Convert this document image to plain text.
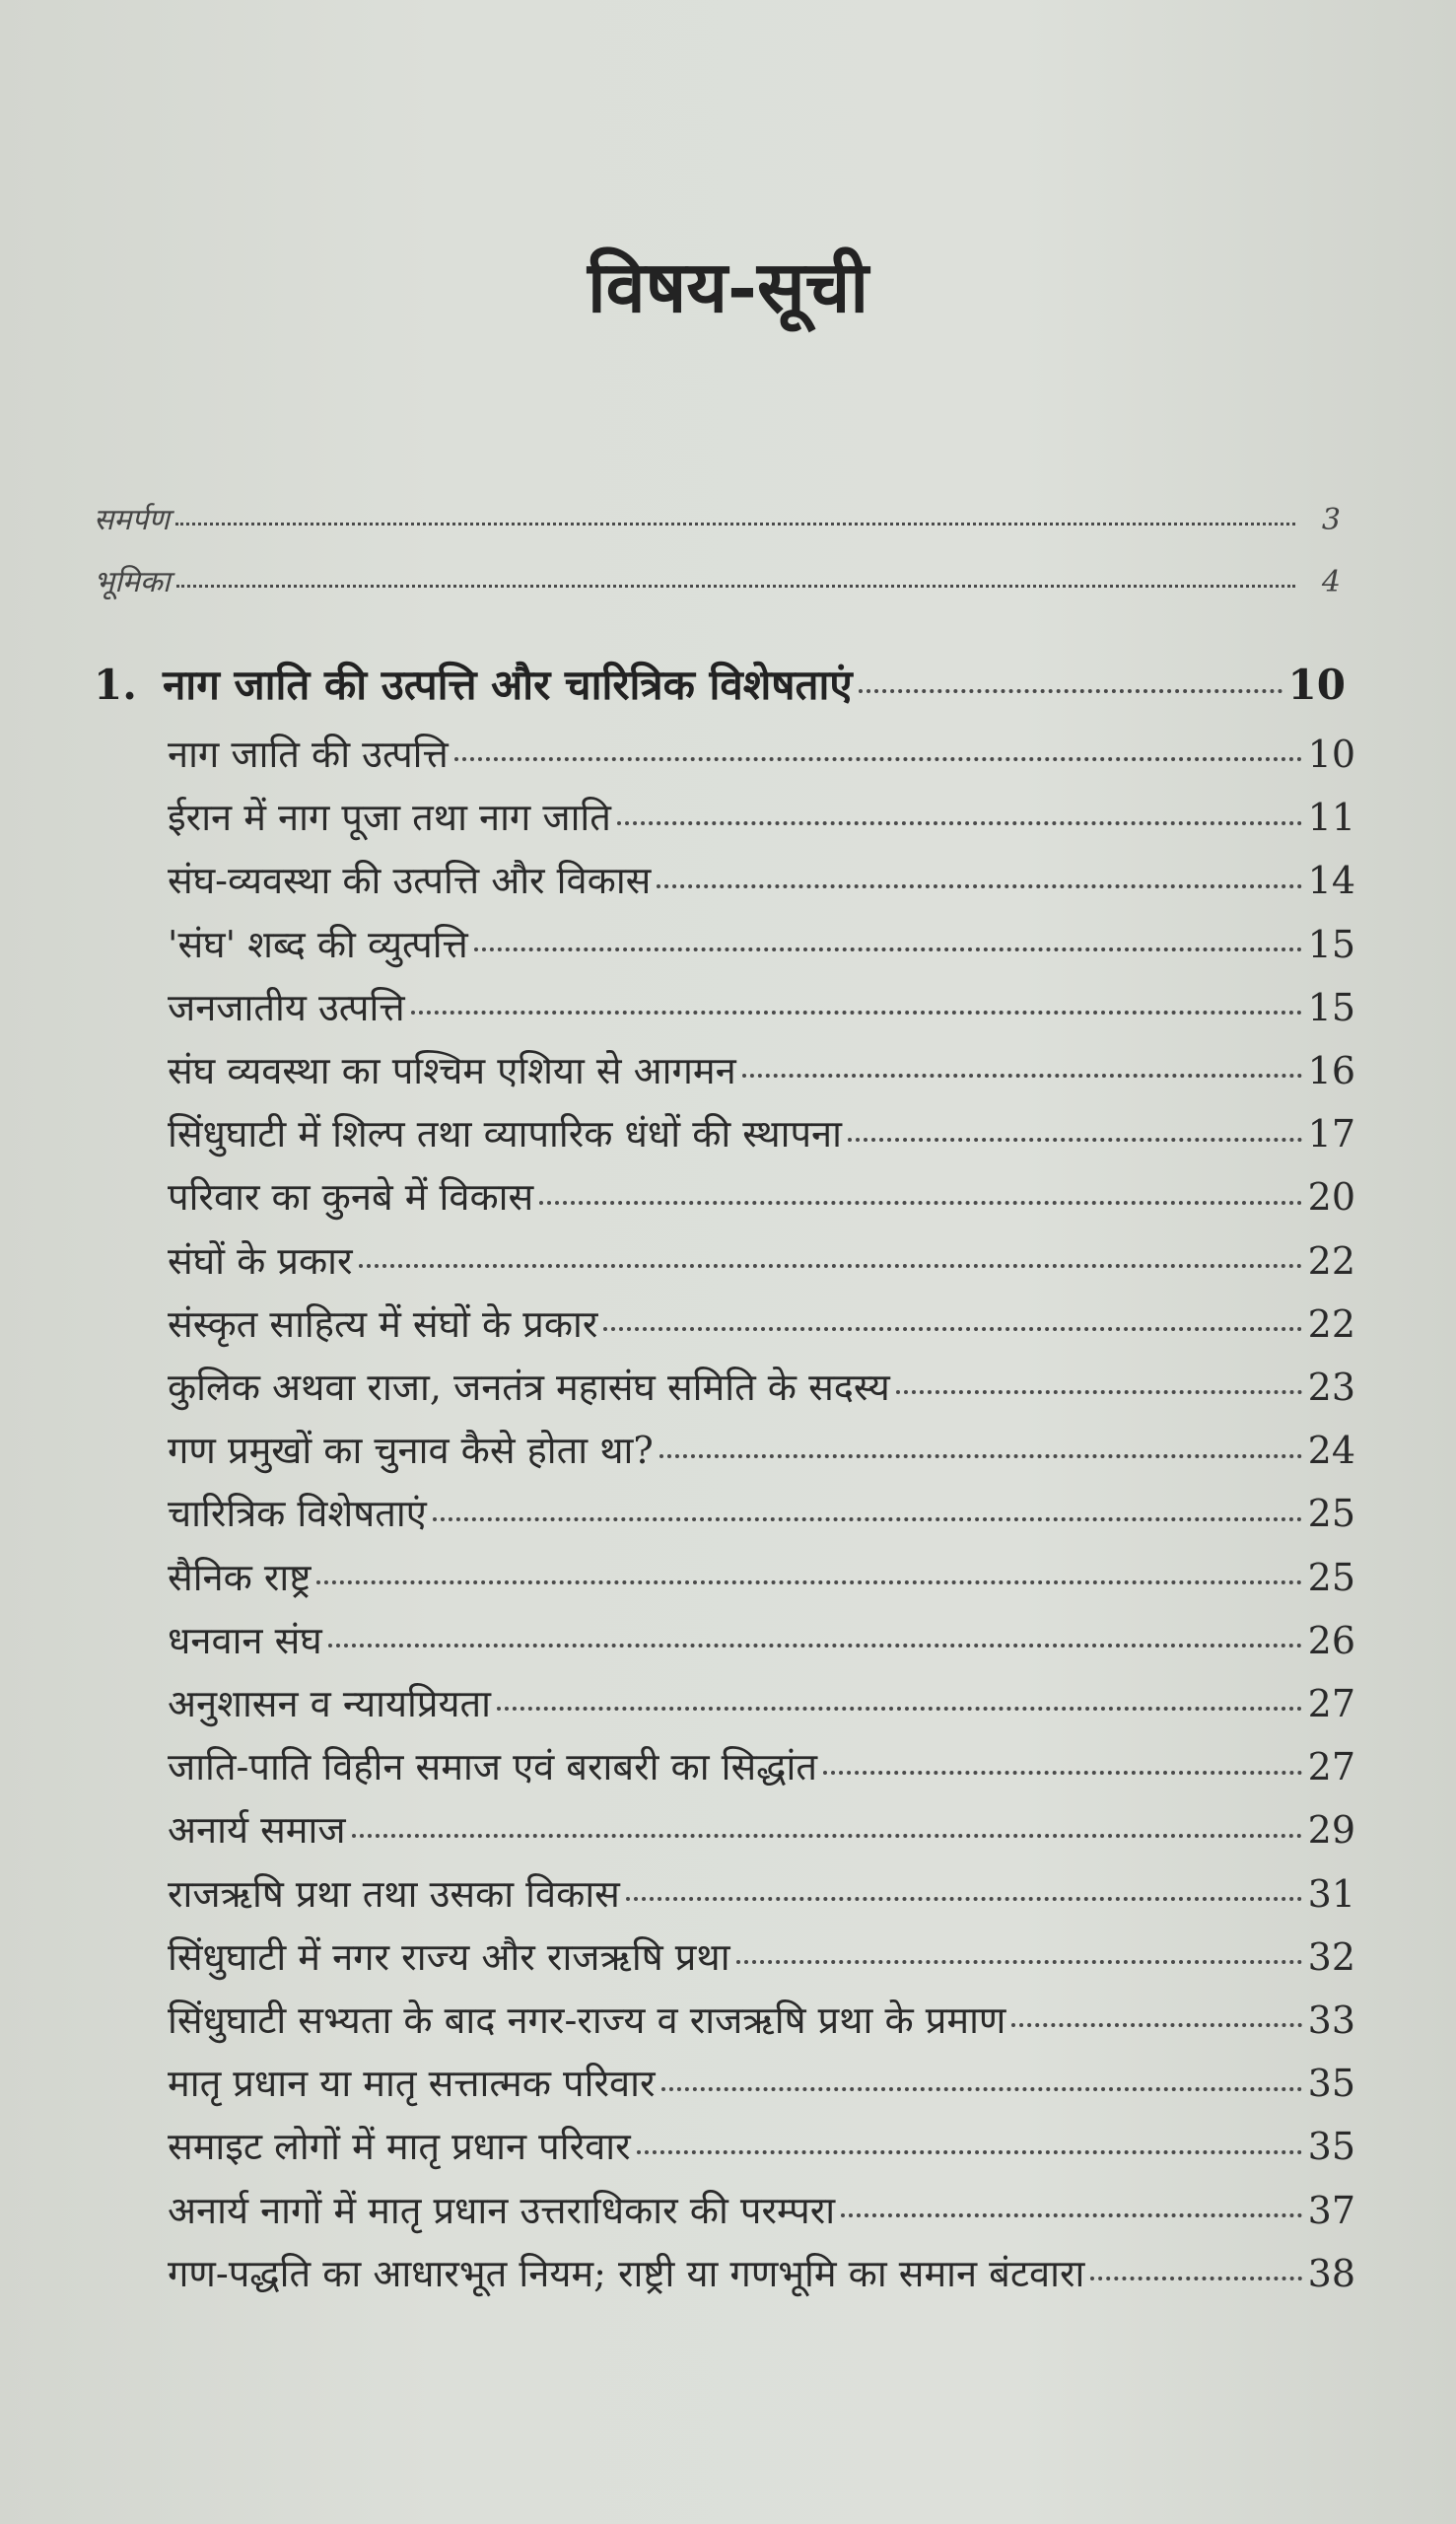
विषय-सूची
समर्पण	3
भूमिका	4
1. नाग जाति की उत्पत्ति और चारित्रिक विशेषताएं	10
नाग जाति की उत्पत्ति	10
ईरान में नाग पूजा तथा नाग जाति	11
संघ-व्यवस्था की उत्पत्ति और विकास	14
'संघ' शब्द की व्युत्पत्ति	15
जनजातीय उत्पत्ति	15
संघ व्यवस्था का पश्चिम एशिया से आगमन	16
सिंधुघाटी में शिल्प तथा व्यापारिक धंधों की स्थापना	17
परिवार का कुनबे में विकास	20
संघों के प्रकार	22
संस्कृत साहित्य में संघों के प्रकार	22
कुलिक अथवा राजा, जनतंत्र महासंघ समिति के सदस्य	23
गण प्रमुखों का चुनाव कैसे होता था?	24
चारित्रिक विशेषताएं	25
सैनिक राष्ट्र	25
धनवान संघ	26
अनुशासन व न्यायप्रियता	27
जाति-पाति विहीन समाज एवं बराबरी का सिद्धांत	27
अनार्य समाज	29
राजऋषि प्रथा तथा उसका विकास	31
सिंधुघाटी में नगर राज्य और राजऋषि प्रथा	32
सिंधुघाटी सभ्यता के बाद नगर-राज्य व राजऋषि प्रथा के प्रमाण	33
मातृ प्रधान या मातृ सत्तात्मक परिवार	35
समाइट लोगों में मातृ प्रधान परिवार	35
अनार्य नागों में मातृ प्रधान उत्तराधिकार की परम्परा	37
गण-पद्धति का आधारभूत नियम; राष्ट्री या गणभूमि का समान बंटवारा	38
